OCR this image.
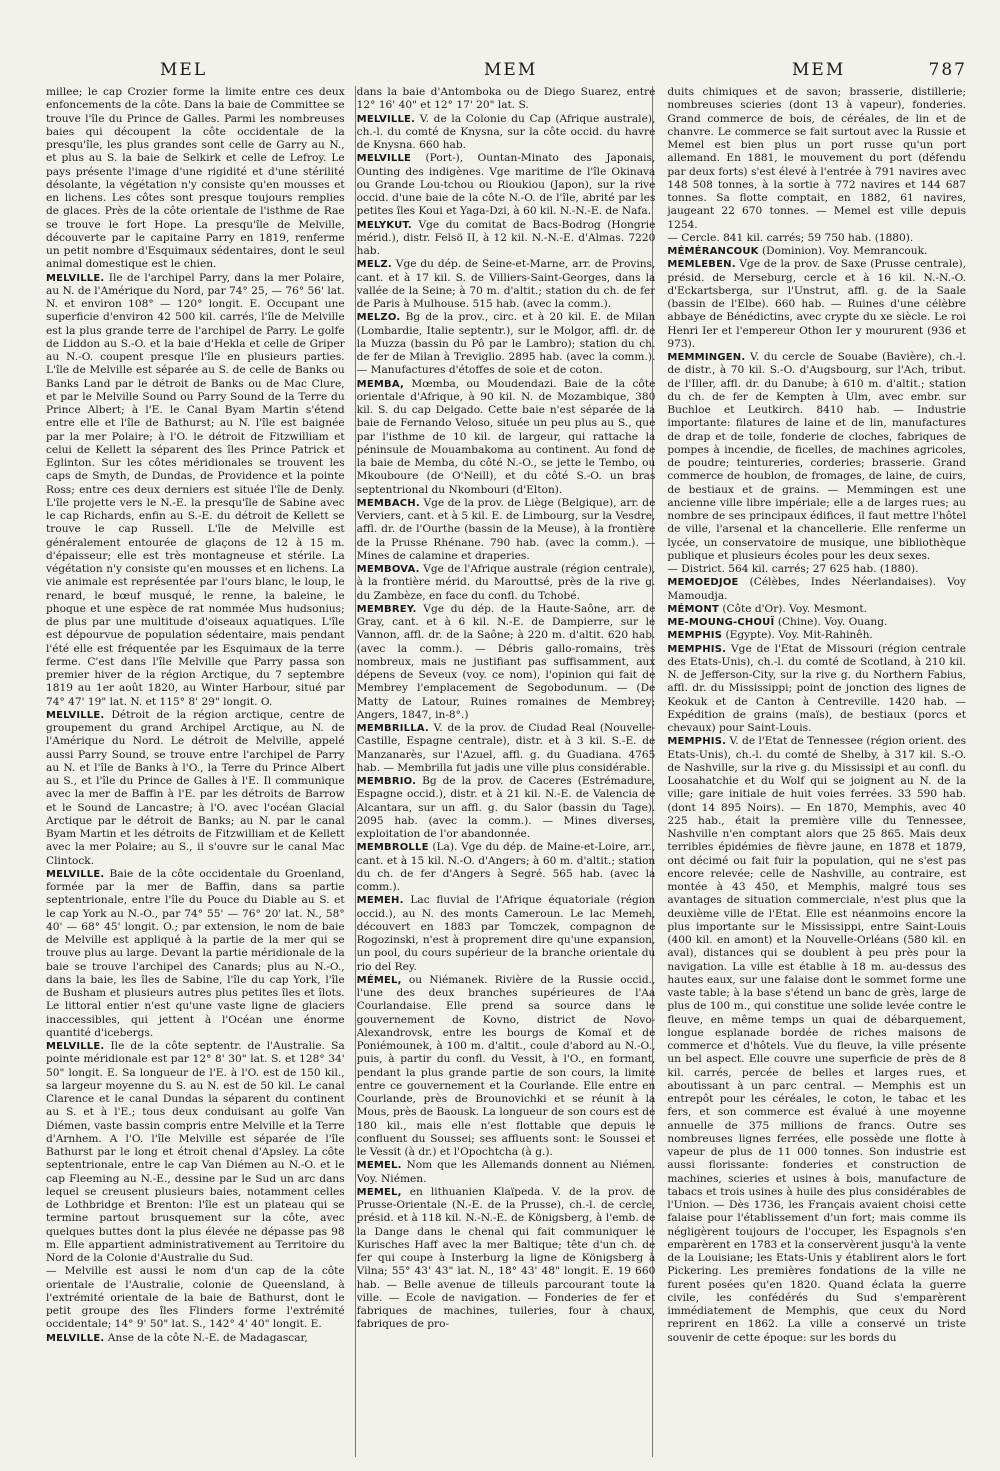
MEL	MEM	MEM	787

millee; le cap Crozier forme la limite entre ces deux enfoncements de la côte. Dans la baie de Committee se trouve l'île du Prince de Galles. Parmi les nombreuses baies qui découpent la côte occidentale de la presqu'île, les plus grandes sont celle de Garry au N., et plus au S. la baie de Selkirk et celle de Lefroy. Le pays présente l'image d'une rigidité et d'une stérilité désolante, la végétation n'y consiste qu'en mousses et en lichens. Les côtes sont presque toujours remplies de glaces. Près de la côte orientale de l'isthme de Rae se trouve le fort Hope. La presqu'île de Melville, découverte par le capitaine Parry en 1819, renferme un petit nombre d'Esquimaux sédentaires, dont le seul animal domestique est le chien.

MELVILLE. Ile de l'archipel Parry, dans la mer Polaire, au N. de l'Amérique du Nord, par 74° 25, — 76° 56' lat. N. et environ 108° — 120° longit. E. Occupant une superficie d'environ 42 500 kil. carrés, l'île de Melville est la plus grande terre de l'archipel de Parry. Le golfe de Liddon au S.-O. et la baie d'Hekla et celle de Griper au N.-O. coupent presque l'île en plusieurs parties. L'île de Melville est séparée au S. de celle de Banks ou Banks Land par le détroit de Banks ou de Mac Clure, et par le Melville Sound ou Parry Sound de la Terre du Prince Albert; à l'E. le Canal Byam Martin s'étend entre elle et l'île de Bathurst; au N. l'île est baignée par la mer Polaire; à l'O. le détroit de Fitzwilliam et celui de Kellett la séparent des îles Prince Patrick et Eglinton. Sur les côtes méridionales se trouvent les caps de Smyth, de Dundas, de Providence et la pointe Ross; entre ces deux derniers est située l'île de Denly. L'île projette vers le N.-E. la presqu'île de Sabine avec le cap Richards, enfin au S.-E. du détroit de Kellett se trouve le cap Russell. L'île de Melville est généralement entourée de glaçons de 12 à 15 m. d'épaisseur; elle est très montagneuse et stérile. La végétation n'y consiste qu'en mousses et en lichens. La vie animale est représentée par l'ours blanc, le loup, le renard, le bœuf musqué, le renne, la baleine, le phoque et une espèce de rat nommée Mus hudsonius; de plus par une multitude d'oiseaux aquatiques. L'île est dépourvue de population sédentaire, mais pendant l'été elle est fréquentée par les Esquimaux de la terre ferme. C'est dans l'île Melville que Parry passa son premier hiver de la région Arctique, du 7 septembre 1819 au 1er août 1820, au Winter Harbour, situé par 74° 47' 19" lat. N. et 115° 8' 29" longit. O.

MELVILLE. Détroit de la région arctique, centre de groupement du grand Archipel Arctique, au N. de l'Amérique du Nord. Le détroit de Melville, appelé aussi Parry Sound, se trouve entre l'archipel de Parry au N. et l'île de Banks à l'O., la Terre du Prince Albert au S., et l'île du Prince de Galles à l'E. Il communique avec la mer de Baffin à l'E. par les détroits de Barrow et le Sound de Lancastre; à l'O. avec l'océan Glacial Arctique par le détroit de Banks; au N. par le canal Byam Martin et les détroits de Fitzwilliam et de Kellett avec la mer Polaire; au S., il s'ouvre sur le canal Mac Clintock.

MELVILLE. Baie de la côte occidentale du Groenland, formée par la mer de Baffin, dans sa partie septentrionale, entre l'île du Pouce du Diable au S. et le cap York au N.-O., par 74° 55' — 76° 20' lat. N., 58° 40' — 68° 45' longit. O.; par extension, le nom de baie de Melville est appliqué à la partie de la mer qui se trouve plus au large. Devant la partie méridionale de la baie se trouve l'archipel des Canards; plus au N.-O., dans la baie, les îles de Sabine, l'île du cap York, l'île de Busham et plusieurs autres plus petites îles et îlots. Le littoral entier n'est qu'une vaste ligne de glaciers inaccessibles, qui jettent à l'Océan une énorme quantité d'icebergs.

MELVILLE. Ile de la côte septentr. de l'Australie. Sa pointe méridionale est par 12° 8' 30" lat. S. et 128° 34' 50" longit. E. Sa longueur de l'E. à l'O. est de 150 kil., sa largeur moyenne du S. au N. est de 50 kil. Le canal Clarence et le canal Dundas la séparent du continent au S. et à l'E.; tous deux conduisant au golfe Van Diémen, vaste bassin compris entre Melville et la Terre d'Arnhem. A l'O. l'île Melville est séparée de l'île Bathurst par le long et étroit chenal d'Apsley. La côte septentrionale, entre le cap Van Diémen au N.-O. et le cap Fleeming au N.-E., dessine par le Sud un arc dans lequel se creusent plusieurs baies, notamment celles de Lothbridge et Brenton: l'île est un plateau qui se termine partout brusquement sur la côte, avec quelques buttes dont la plus élevée ne dépasse pas 98 m. Elle appartient administrativement au Territoire du Nord de la Colonie d'Australie du Sud.

— Melville est aussi le nom d'un cap de la côte orientale de l'Australie, colonie de Queensland, à l'extrémité orientale de la baie de Bathurst, dont le petit groupe des îles Flinders forme l'extrémité occidentale; 14° 9' 50" lat. S., 142° 4' 40" longit. E.

MELVILLE. Anse de la côte N.-E. de Madagascar,

dans la baie d'Antomboka ou de Diego Suarez, entre 12° 16' 40" et 12° 17' 20" lat. S.

MELVILLE. V. de la Colonie du Cap (Afrique australe), ch.-l. du comté de Knysna, sur la côte occid. du havre de Knysna. 660 hab.

MELVILLE (Port-), Ountan-Minato des Japonais, Ounting des indigènes. Vge maritime de l'île Okinava ou Grande Lou-tchou ou Rioukiou (Japon), sur la rive occid. d'une baie de la côte N.-O. de l'île, abrité par les petites îles Koui et Yaga-Dzi, à 60 kil. N.-N.-E. de Nafa.

MELYKUT. Vge du comitat de Bacs-Bodrog (Hongrie mérid.), distr. Felsö II, à 12 kil. N.-N.-E. d'Almas. 7220 hab.

MELZ. Vge du dép. de Seine-et-Marne, arr. de Provins, cant. et à 17 kil. S. de Villiers-Saint-Georges, dans la vallée de la Seine; à 70 m. d'altit.; station du ch. de fer de Paris à Mulhouse. 515 hab. (avec la comm.).

MELZO. Bg de la prov., circ. et à 20 kil. E. de Milan (Lombardie, Italie septentr.), sur le Molgor, affl. dr. de la Muzza (bassin du Pô par le Lambro); station du ch. de fer de Milan à Treviglio. 2895 hab. (avec la comm.). — Manufactures d'étoffes de soie et de coton.

MEMBA, Mœmba, ou Moudendazi. Baie de la côte orientale d'Afrique, à 90 kil. N. de Mozambique, 380 kil. S. du cap Delgado. Cette baie n'est séparée de la baie de Fernando Veloso, située un peu plus au S., que par l'isthme de 10 kil. de largeur, qui rattache la péninsule de Mouambakoma au continent. Au fond de la baie de Memba, du côté N.-O., se jette le Tembo, ou Mkouboure (de O'Neill), et du côté S.-O. un bras septentrional du Nkombouri (d'Elton).

MEMBACH. Vge de la prov. de Liège (Belgique), arr. de Verviers, cant. et à 5 kil. E. de Limbourg, sur la Vesdre, affl. dr. de l'Ourthe (bassin de la Meuse), à la frontière de la Prusse Rhénane. 790 hab. (avec la comm.). — Mines de calamine et draperies.

MEMBOVA. Vge de l'Afrique australe (région centrale), à la frontière mérid. du Marouttsé, près de la rive g. du Zambèze, en face du confl. du Tchobé.

MEMBREY. Vge du dép. de la Haute-Saône, arr. de Gray, cant. et à 6 kil. N.-E. de Dampierre, sur le Vannon, affl. dr. de la Saône; à 220 m. d'altit. 620 hab. (avec la comm.). — Débris gallo-romains, très nombreux, mais ne justifiant pas suffisamment, aux dépens de Seveux (voy. ce nom), l'opinion qui fait de Membrey l'emplacement de Segobodunum. — (De Matty de Latour, Ruines romaines de Membrey; Angers, 1847, in-8°.)

MEMBRILLA. V. de la prov. de Ciudad Real (Nouvelle-Castille, Espagne centrale), distr. et à 3 kil. S.-E. de Manzanarès, sur l'Azuel, affl. g. du Guadiana. 4765 hab. — Membrilla fut jadis une ville plus considérable.

MEMBRIO. Bg de la prov. de Caceres (Estrémadure, Espagne occid.), distr. et à 21 kil. N.-E. de Valencia de Alcantara, sur un affl. g. du Salor (bassin du Tage). 2095 hab. (avec la comm.). — Mines diverses, exploitation de l'or abandonnée.

MEMBROLLE (La). Vge du dép. de Maine-et-Loire, arr., cant. et à 15 kil. N.-O. d'Angers; à 60 m. d'altit.; station du ch. de fer d'Angers à Segré. 565 hab. (avec la comm.).

MEMEH. Lac fluvial de l'Afrique équatoriale (région occid.), au N. des monts Cameroun. Le lac Memeh, découvert en 1883 par Tomczek, compagnon de Rogozinski, n'est à proprement dire qu'une expansion, un pool, du cours supérieur de la branche orientale du rio del Rey.

MÉMEL, ou Niémanek. Rivière de la Russie occid., l'une des deux branches supérieures de l'Aa Courlandaise. Elle prend sa source dans le gouvernement de Kovno, district de Novo-Alexandrovsk, entre les bourgs de Komaï et de Poniémounek, à 100 m. d'altit., coule d'abord au N.-O., puis, à partir du confl. du Vessit, à l'O., en formant, pendant la plus grande partie de son cours, la limite entre ce gouvernement et la Courlande. Elle entre en Courlande, près de Brounovichki et se réunit à la Mous, près de Baousk. La longueur de son cours est de 180 kil., mais elle n'est flottable que depuis le confluent du Soussei; ses affluents sont: le Soussei et le Vessit (à dr.) et l'Opochtcha (à g.).

MEMEL. Nom que les Allemands donnent au Niémen. Voy. Niémen.

MEMEL, en lithuanien Klaïpeda. V. de la prov. de Prusse-Orientale (N.-E. de la Prusse), ch.-l. de cercle, présid. et à 118 kil. N.-N.-E. de Königsberg, à l'emb. de la Dange dans le chenal qui fait communiquer le Kurisches Haff avec la mer Baltique; tête d'un ch. de fer qui coupe à Insterburg la ligne de Königsberg à Vilna; 55° 43' 43" lat. N., 18° 43' 48" longit. E. 19 660 hab. — Belle avenue de tilleuls parcourant toute la ville. — Ecole de navigation. — Fonderies de fer et fabriques de machines, tuileries, four à chaux, fabriques de pro-

duits chimiques et de savon; brasserie, distillerie; nombreuses scieries (dont 13 à vapeur), fonderies. Grand commerce de bois, de céréales, de lin et de chanvre. Le commerce se fait surtout avec la Russie et Memel est bien plus un port russe qu'un port allemand. En 1881, le mouvement du port (défendu par deux forts) s'est élevé à l'entrée à 791 navires avec 148 508 tonnes, à la sortie à 772 navires et 144 687 tonnes. Sa flotte comptait, en 1882, 61 navires, jaugeant 22 670 tonnes. — Memel est ville depuis 1254.

— Cercle. 841 kil. carrés; 59 750 hab. (1880).

MÉMÉRANCOUK (Dominion). Voy. Memrancouk.

MEMLEBEN. Vge de la prov. de Saxe (Prusse centrale), présid. de Merseburg, cercle et à 16 kil. N.-N.-O. d'Eckartsberga, sur l'Unstrut, affl. g. de la Saale (bassin de l'Elbe). 660 hab. — Ruines d'une célèbre abbaye de Bénédictins, avec crypte du xe siècle. Le roi Henri Ier et l'empereur Othon Ier y moururent (936 et 973).

MEMMINGEN. V. du cercle de Souabe (Bavière), ch.-l. de distr., à 70 kil. S.-O. d'Augsbourg, sur l'Ach, tribut. de l'Iller, affl. dr. du Danube; à 610 m. d'altit.; station du ch. de fer de Kempten à Ulm, avec embr. sur Buchloe et Leutkirch. 8410 hab. — Industrie importante: filatures de laine et de lin, manufactures de drap et de toile, fonderie de cloches, fabriques de pompes à incendie, de ficelles, de machines agricoles, de poudre; teintureries, corderies; brasserie. Grand commerce de houblon, de fromages, de laine, de cuirs, de bestiaux et de grains. — Memmingen est une ancienne ville libre impériale; elle a de larges rues; au nombre de ses principaux édifices, il faut mettre l'hôtel de ville, l'arsenal et la chancellerie. Elle renferme un lycée, un conservatoire de musique, une bibliothèque publique et plusieurs écoles pour les deux sexes.

— District. 564 kil. carrés; 27 625 hab. (1880).

MEMOEDJOE (Célèbes, Indes Néerlandaises). Voy Mamoudja.

MÉMONT (Côte d'Or). Voy. Mesmont.

ME-MOUNG-CHOUÏ (Chine). Voy. Ouang.

MEMPHIS (Egypte). Voy. Mit-Rahinêh.

MEMPHIS. Vge de l'Etat de Missouri (région centrale des Etats-Unis), ch.-l. du comté de Scotland, à 210 kil. N. de Jefferson-City, sur la rive g. du Northern Fabius, affl. dr. du Mississippi; point de jonction des lignes de Keokuk et de Canton à Centreville. 1420 hab. — Expédition de grains (maïs), de bestiaux (porcs et chevaux) pour Saint-Louis.

MEMPHIS. V. de l'Etat de Tennessee (région orient. des Etats-Unis), ch.-l. du comté de Shelby, à 317 kil. S.-O. de Nashville, sur la rive g. du Mississipi et au confl. du Loosahatchie et du Wolf qui se joignent au N. de la ville; gare initiale de huit voies ferrées. 33 590 hab. (dont 14 895 Noirs). — En 1870, Memphis, avec 40 225 hab., était la première ville du Tennessee, Nashville n'en comptant alors que 25 865. Mais deux terribles épidémies de fièvre jaune, en 1878 et 1879, ont décimé ou fait fuir la population, qui ne s'est pas encore relevée; celle de Nashville, au contraire, est montée à 43 450, et Memphis, malgré tous ses avantages de situation commerciale, n'est plus que la deuxième ville de l'Etat. Elle est néanmoins encore la plus importante sur le Mississippi, entre Saint-Louis (400 kil. en amont) et la Nouvelle-Orléans (580 kil. en aval), distances qui se doublent à peu près pour la navigation. La ville est établie à 18 m. au-dessus des hautes eaux, sur une falaise dont le sommet forme une vaste table; à la base s'étend un banc de grès, large de plus de 100 m., qui constitue une solide levée contre le fleuve, en même temps un quai de débarquement, longue esplanade bordée de riches maisons de commerce et d'hôtels. Vue du fleuve, la ville présente un bel aspect. Elle couvre une superficie de près de 8 kil. carrés, percée de belles et larges rues, et aboutissant à un parc central. — Memphis est un entrepôt pour les céréales, le coton, le tabac et les fers, et son commerce est évalué à une moyenne annuelle de 375 millions de francs. Outre ses nombreuses lignes ferrées, elle possède une flotte à vapeur de plus de 11 000 tonnes. Son industrie est aussi florissante: fonderies et construction de machines, scieries et usines à bois, manufacture de tabacs et trois usines à huile des plus considérables de l'Union. — Dès 1736, les Français avaient choisi cette falaise pour l'établissement d'un fort; mais comme ils négligèrent toujours de l'occuper, les Espagnols s'en emparèrent en 1783 et la conservèrent jusqu'à la vente de la Louisiane; les Etats-Unis y établirent alors le fort Pickering. Les premières fondations de la ville ne furent posées qu'en 1820. Quand éclata la guerre civile, les confédérés du Sud s'emparèrent immédiatement de Memphis, que ceux du Nord reprirent en 1862. La ville a conservé un triste souvenir de cette époque: sur les bords du
